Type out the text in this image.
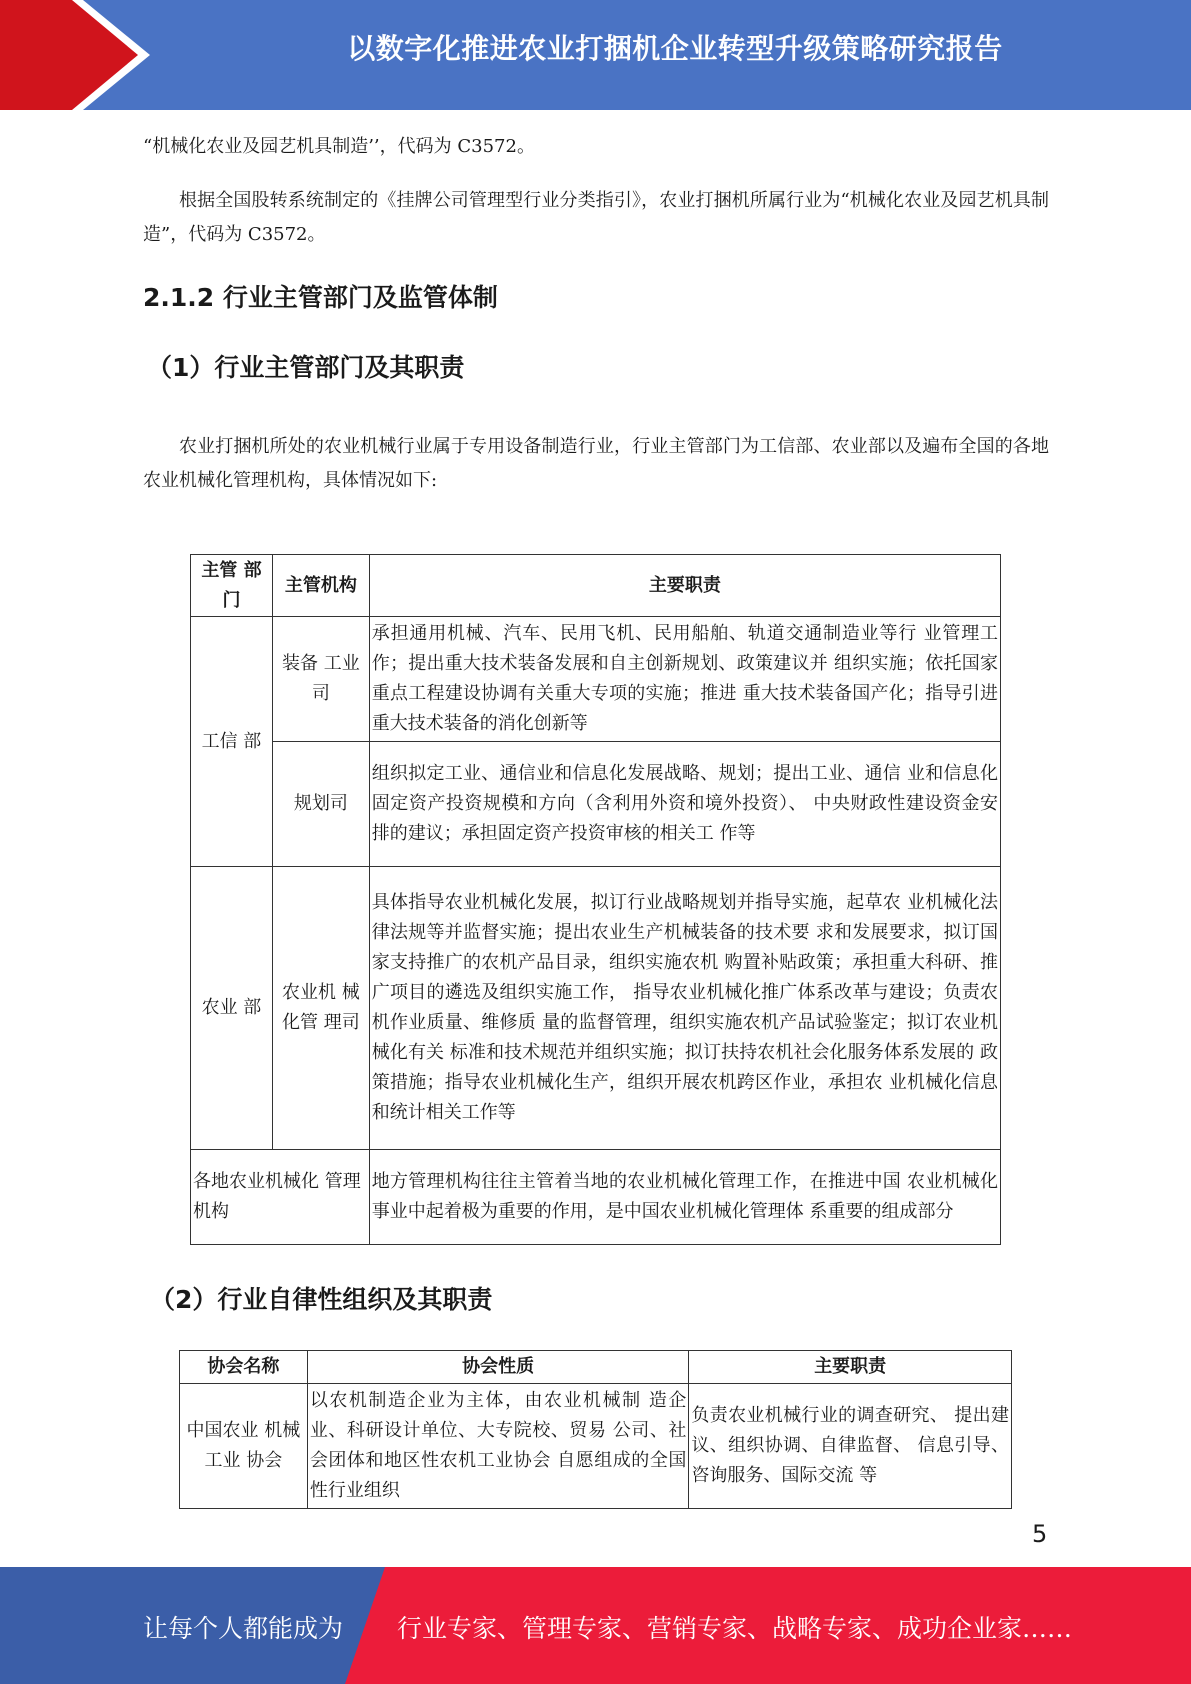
以数字化推进农业打捆机企业转型升级策略研究报告

“机械化农业及园艺机具制造’’，代码为 C3572。

根据全国股转系统制定的《挂牌公司管理型行业分类指引》，农业打捆机所属行业为“机械化农业及园艺机具制造”，代码为 C3572。

2.1.2 行业主管部门及监管体制
（1）行业主管部门及其职责

农业打捆机所处的农业机械行业属于专用设备制造行业，行业主管部门为工信部、农业部以及遍布全国的各地农业机械化管理机构，具体情况如下:

主管 部门	主管机构	主要职责
工信 部	装备 工业司	承担通用机械、汽车、民用飞机、民用船舶、轨道交通制造业等行 业管理工作；提出重大技术装备发展和自主创新规划、政策建议并 组织实施；依托国家重点工程建设协调有关重大专项的实施；推进 重大技术装备国产化；指导引进重大技术装备的消化创新等
	规划司	组织拟定工业、通信业和信息化发展战略、规划；提出工业、通信 业和信息化固定资产投资规模和方向（含利用外资和境外投资）、 中央财政性建设资金安排的建议；承担固定资产投资审核的相关工 作等
农业 部	农业机 械化管 理司	具体指导农业机械化发展，拟订行业战略规划并指导实施，起草农 业机械化法律法规等并监督实施；提出农业生产机械装备的技术要 求和发展要求，拟订国家支持推广的农机产品目录，组织实施农机 购置补贴政策；承担重大科研、推广项目的遴选及组织实施工作， 指导农业机械化推广体系改革与建设；负责农机作业质量、维修质 量的监督管理，组织实施农机产品试验鉴定；拟订农业机械化有关 标准和技术规范并组织实施；拟订扶持农机社会化服务体系发展的 政策措施；指导农业机械化生产，组织开展农机跨区作业，承担农 业机械化信息和统计相关工作等
各地农业机械化 管理机构		地方管理机构往往主管着当地的农业机械化管理工作，在推进中国 农业机械化事业中起着极为重要的作用，是中国农业机械化管理体 系重要的组成部分
（2）行业自律性组织及其职责
协会名称	协会性质	主要职责
中国农业 机械工业 协会	以农机制造企业为主体，由农业机械制 造企业、科研设计单位、大专院校、贸易 公司、社会团体和地区性农机工业协会 自愿组成的全国性行业组织	负责农业机械行业的调查研究、 提出建议、组织协调、自律监督、 信息引导、咨询服务、国际交流 等
5
让每个人都能成为 行业专家、管理专家、营销专家、战略专家、成功企业家……
